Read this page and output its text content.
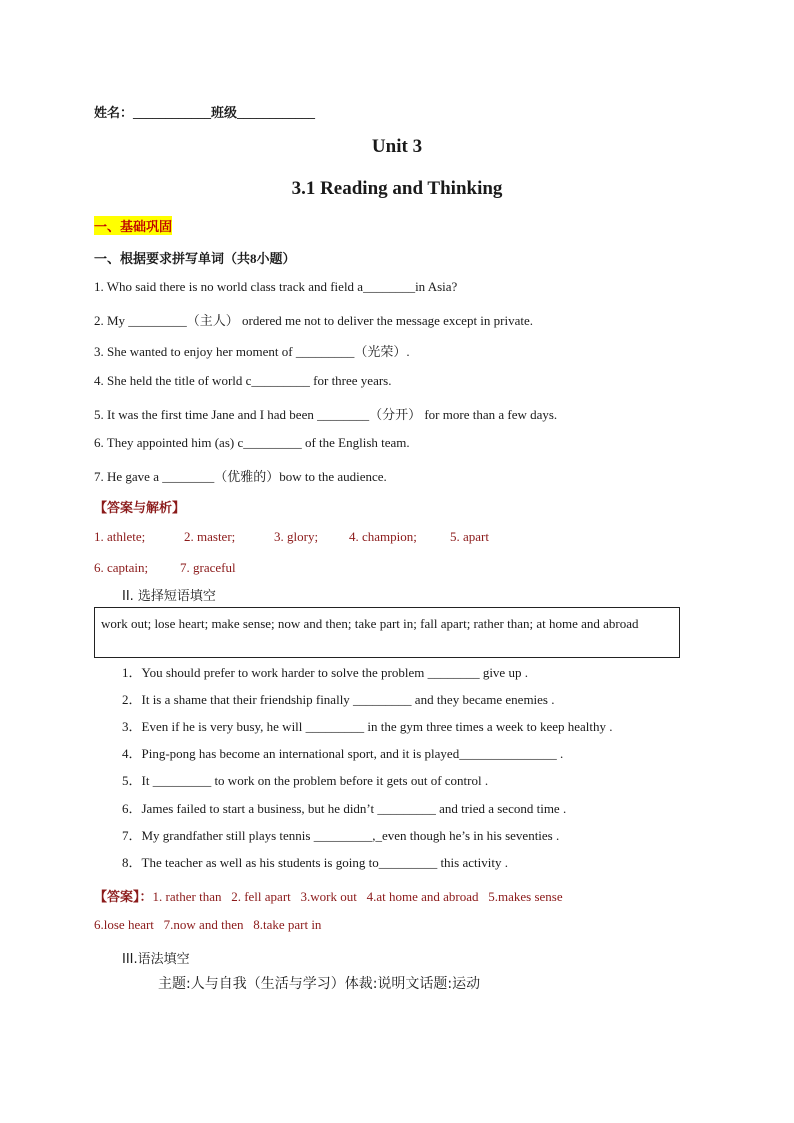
姓名：____________班级____________
Unit 3
3.1 Reading and Thinking
一、基础巩固
一、根据要求拼写单词（共8小题）
1. Who said there is no world class track and field a________in Asia?
2. My _________（主人） ordered me not to deliver the message except in private.
3. She wanted to enjoy her moment of _________（光荣）.
4. She held the title of world c_________ for three years.
5. It was the first time Jane and I had been ________（分开） for more than a few days.
6. They appointed him (as) c_________ of the English team.
7. He gave a ________（优雅的）bow to the audience.
【答案与解析】
1. athlete;	2. master;	3. glory; 4. champion;	5. apart
6. captain; 7. graceful
II. 选择短语填空
work out; lose heart; make sense; now and then; take part in; fall apart; rather than; at home and abroad
1．You should prefer to work harder to solve the problem ________ give up .
2．It is a shame that their friendship finally _________ and they became enemies .
3．Even if he is very busy, he will _________ in the gym three times a week to keep healthy .
4．Ping-pong has become an international sport, and it is played_______________ .
5．It _________ to work on the problem before it gets out of control .
6．James failed to start a business, but he didn’t _________ and tried a second time .
7．My grandfather still plays tennis _________,_even though he’s in his seventies .
8．The teacher as well as his students is going to_________ this activity .
【答案】：1. rather than   2. fell apart   3.work out   4.at home and abroad   5.makes sense
6.lose heart   7.now and then   8.take part in
III.语法填空
主题:人与自我（生活与学习）体裁:说明文话题:运动
